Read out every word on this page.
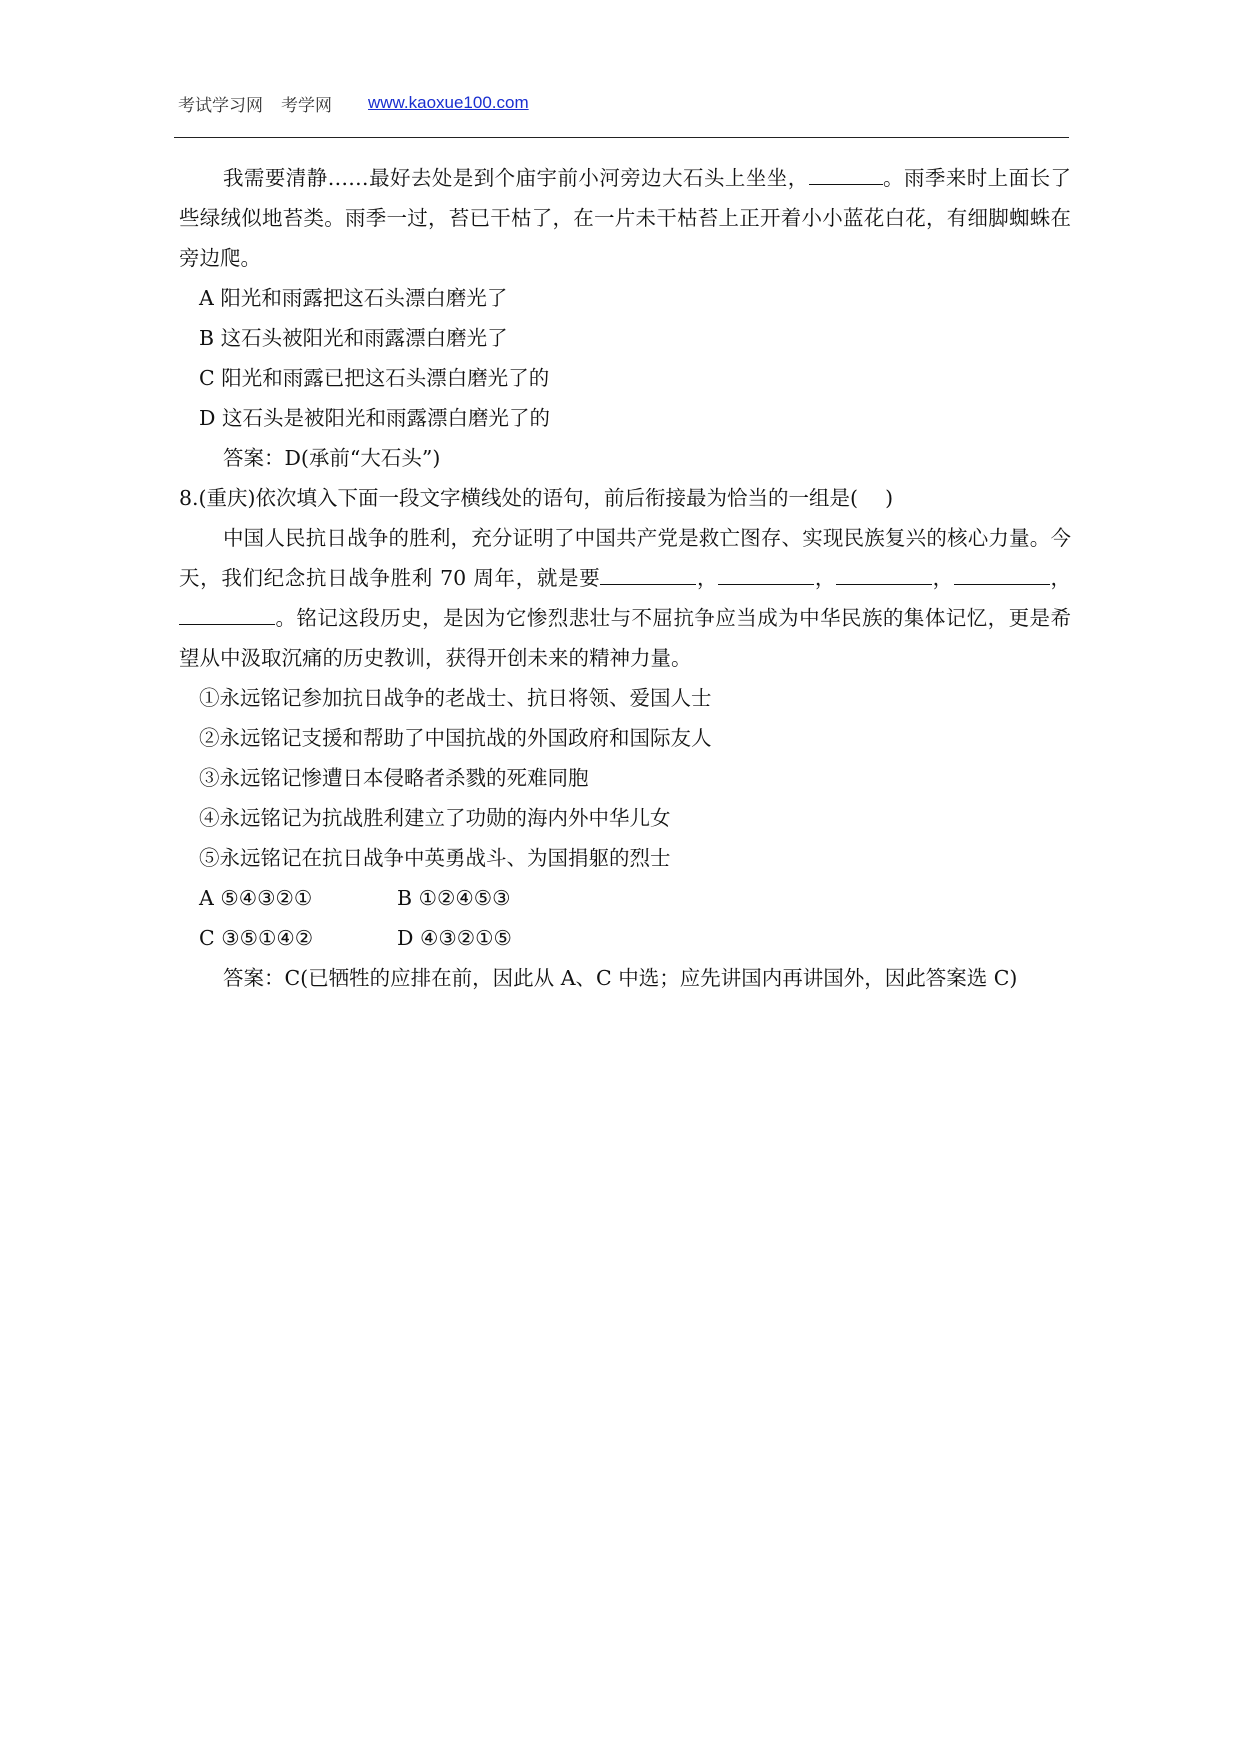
考试学习网 考学网 www.kaoxue100.com
我需要清静……最好去处是到个庙宇前小河旁边大石头上坐坐，	。雨季来时上面长了些绿绒似地苔类。雨季一过，苔已干枯了，在一片未干枯苔上正开着小小蓝花白花，有细脚蜘蛛在旁边爬。
A 阳光和雨露把这石头漂白磨光了
B 这石头被阳光和雨露漂白磨光了
C 阳光和雨露已把这石头漂白磨光了的
D 这石头是被阳光和雨露漂白磨光了的
答案：D(承前“大石头”)
8.(重庆)依次填入下面一段文字横线处的语句，前后衔接最为恰当的一组是(　 )
中国人民抗日战争的胜利，充分证明了中国共产党是救亡图存、实现民族复兴的核心力量。今天，我们纪念抗日战争胜利 70 周年，就是要	，	，	，	，。铭记这段历史，是因为它惨烈悲壮与不屈抗争应当成为中华民族的集体记忆，更是希望从中汲取沉痛的历史教训，获得开创未来的精神力量。
①永远铭记参加抗日战争的老战士、抗日将领、爱国人士
②永远铭记支援和帮助了中国抗战的外国政府和国际友人
③永远铭记惨遭日本侵略者杀戮的死难同胞
④永远铭记为抗战胜利建立了功勋的海内外中华儿女
⑤永远铭记在抗日战争中英勇战斗、为国捐躯的烈士
A ⑤④③②①	B ①②④⑤③
C ③⑤①④②	D ④③②①⑤
答案：C(已牺牲的应排在前，因此从 A、C 中选；应先讲国内再讲国外，因此答案选 C)
